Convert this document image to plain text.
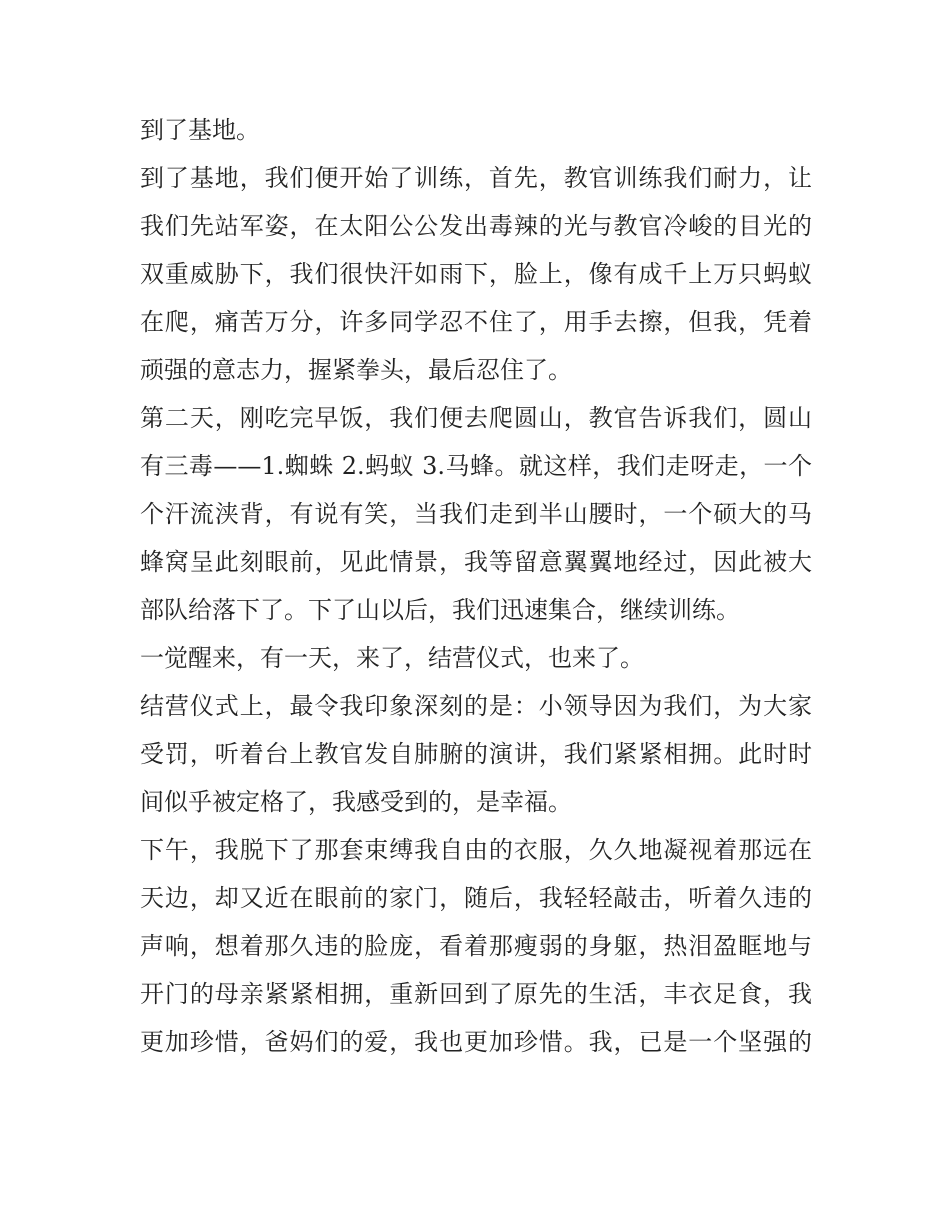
到了基地。
到了基地，我们便开始了训练，首先，教官训练我们耐力，让
我们先站军姿，在太阳公公发出毒辣的光与教官冷峻的目光的
双重威胁下，我们很快汗如雨下，脸上，像有成千上万只蚂蚁
在爬，痛苦万分，许多同学忍不住了，用手去擦，但我，凭着
顽强的意志力，握紧拳头，最后忍住了。
第二天，刚吃完早饭，我们便去爬圆山，教官告诉我们，圆山
有三毒——1.蜘蛛 2.蚂蚁 3.马蜂。就这样，我们走呀走，一个
个汗流浃背，有说有笑，当我们走到半山腰时，一个硕大的马
蜂窝呈此刻眼前，见此情景，我等留意翼翼地经过，因此被大
部队给落下了。下了山以后，我们迅速集合，继续训练。
一觉醒来，有一天，来了，结营仪式，也来了。
结营仪式上，最令我印象深刻的是：小领导因为我们，为大家
受罚，听着台上教官发自肺腑的演讲，我们紧紧相拥。此时时
间似乎被定格了，我感受到的，是幸福。
下午，我脱下了那套束缚我自由的衣服，久久地凝视着那远在
天边，却又近在眼前的家门，随后，我轻轻敲击，听着久违的
声响，想着那久违的脸庞，看着那瘦弱的身躯，热泪盈眶地与
开门的母亲紧紧相拥，重新回到了原先的生活，丰衣足食，我
更加珍惜，爸妈们的爱，我也更加珍惜。我，已是一个坚强的
